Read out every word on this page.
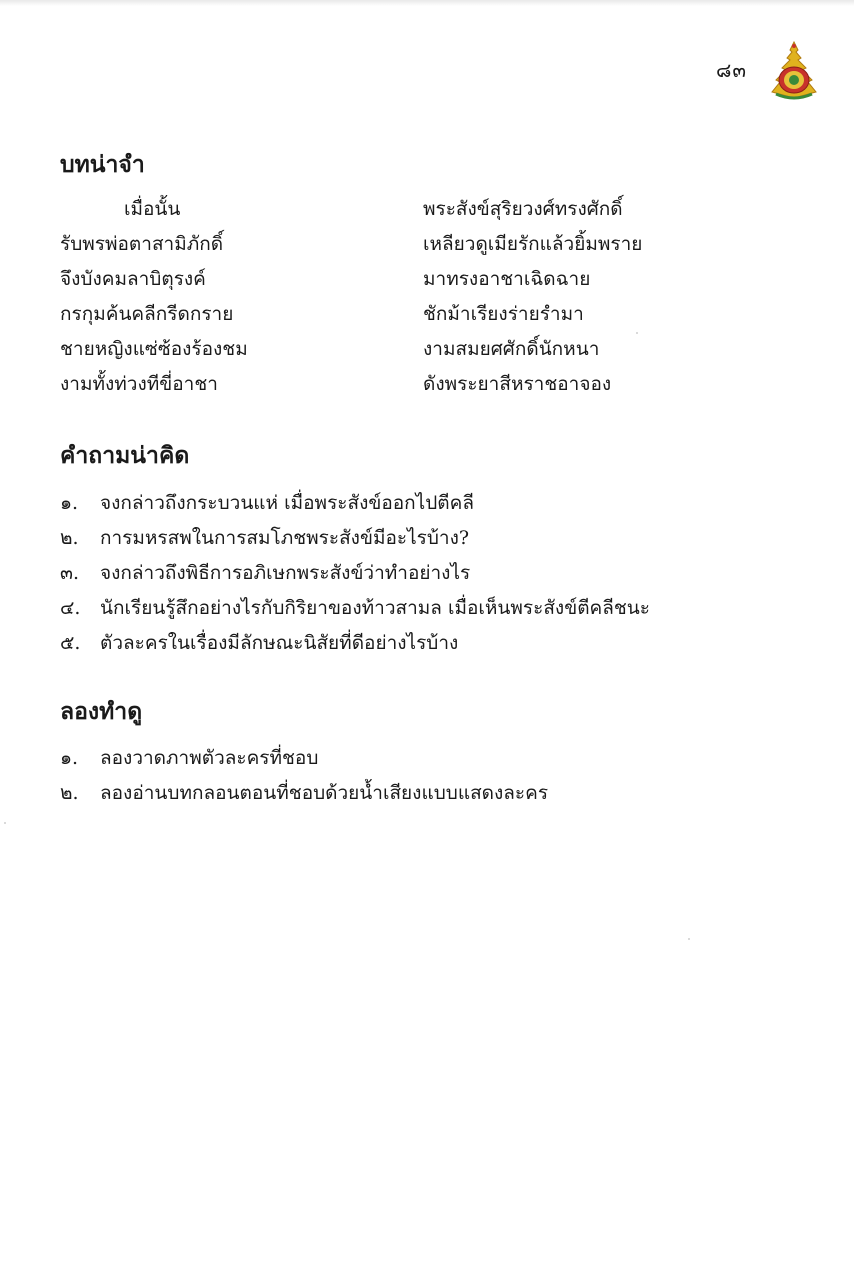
๘๓
บทน่าจำ
เมื่อนั้น	พระสังข์สุริยวงศ์ทรงศักดิ์
รับพรพ่อตาสามิภักดิ์	เหลียวดูเมียรักแล้วยิ้มพราย
จึงบังคมลาบิตุรงค์	มาทรงอาชาเฉิดฉาย
กรกุมค้นคลีกรีดกราย	ชักม้าเรียงร่ายรำมา
ชายหญิงแซ่ซ้องร้องชม	งามสมยศศักดิ์นักหนา
งามทั้งท่วงทีขี่อาชา	ดังพระยาสีหราชอาจอง
คำถามน่าคิด
๑. จงกล่าวถึงกระบวนแห่ เมื่อพระสังข์ออกไปตีคลี
๒. การมหรสพในการสมโภชพระสังข์มีอะไรบ้าง?
๓. จงกล่าวถึงพิธีการอภิเษกพระสังข์ว่าทำอย่างไร
๔. นักเรียนรู้สึกอย่างไรกับกิริยาของท้าวสามล เมื่อเห็นพระสังข์ตีคลีชนะ
๕. ตัวละครในเรื่องมีลักษณะนิสัยที่ดีอย่างไรบ้าง
ลองทำดู
๑. ลองวาดภาพตัวละครที่ชอบ
๒. ลองอ่านบทกลอนตอนที่ชอบด้วยน้ำเสียงแบบแสดงละคร
